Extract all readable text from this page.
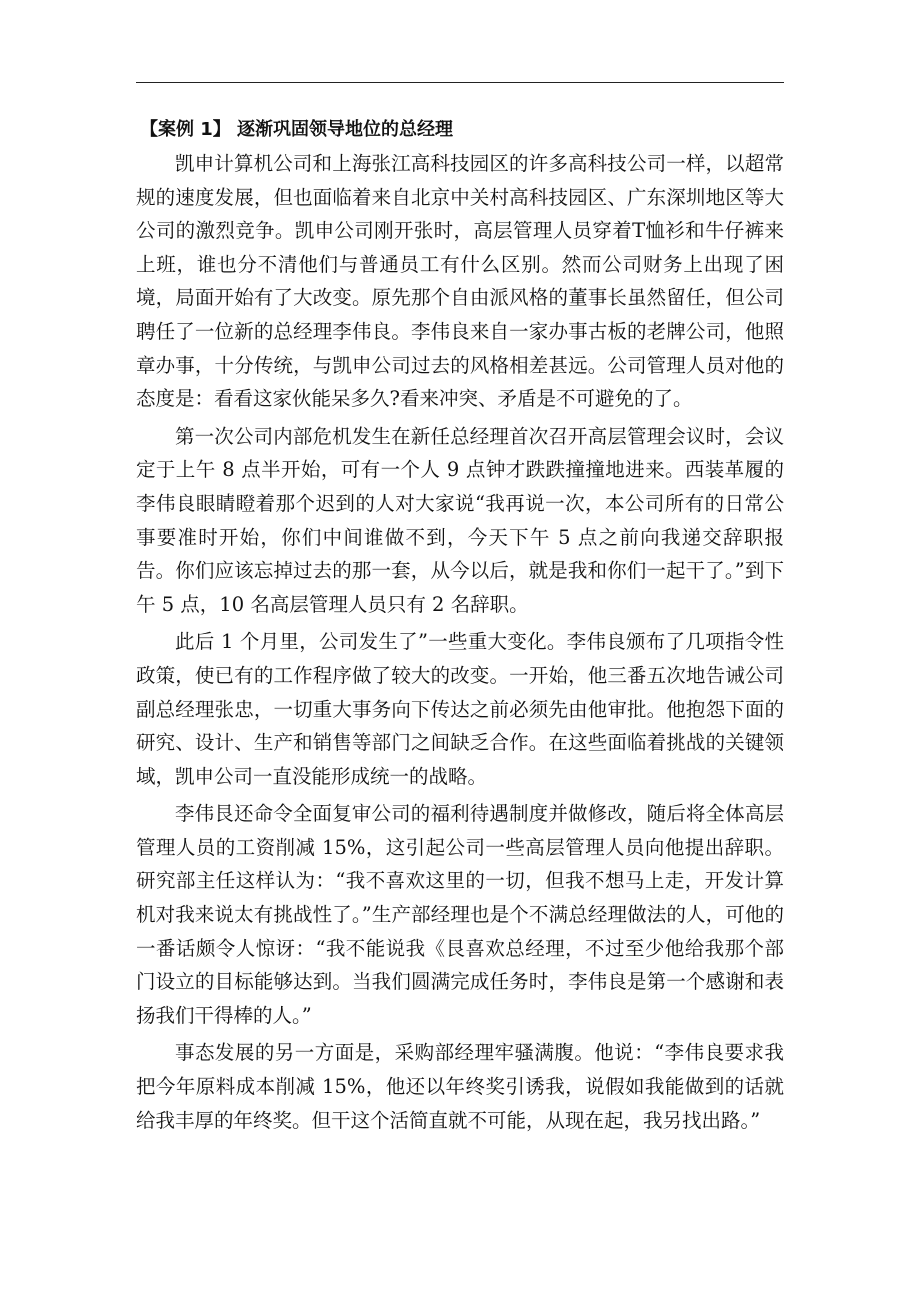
【案例 1】 逐渐巩固领导地位的总经理

凯申计算机公司和上海张江高科技园区的许多高科技公司一样，以超常规的速度发展，但也面临着来自北京中关村高科技园区、广东深圳地区等大公司的激烈竞争。凯申公司刚开张时，高层管理人员穿着T恤衫和牛仔裤来上班，谁也分不清他们与普通员工有什么区别。然而公司财务上出现了困境，局面开始有了大改变。原先那个自由派风格的董事长虽然留任，但公司聘任了一位新的总经理李伟良。李伟良来自一家办事古板的老牌公司，他照章办事，十分传统，与凯申公司过去的风格相差甚远。公司管理人员对他的态度是：看看这家伙能呆多久?看来冲突、矛盾是不可避免的了。

第一次公司内部危机发生在新任总经理首次召开高层管理会议时，会议定于上午 8 点半开始，可有一个人 9 点钟才跌跌撞撞地进来。西装革履的李伟良眼睛瞪着那个迟到的人对大家说“我再说一次，本公司所有的日常公事要准时开始，你们中间谁做不到，今天下午 5 点之前向我递交辞职报告。你们应该忘掉过去的那一套，从今以后，就是我和你们一起干了。”到下午 5 点，10 名高层管理人员只有 2 名辞职。

此后 1 个月里，公司发生了”一些重大变化。李伟良颁布了几项指令性政策，使已有的工作程序做了较大的改变。一开始，他三番五次地告诫公司副总经理张忠，一切重大事务向下传达之前必须先由他审批。他抱怨下面的研究、设计、生产和销售等部门之间缺乏合作。在这些面临着挑战的关键领域，凯申公司一直没能形成统一的战略。

李伟艮还命令全面复审公司的福利待遇制度并做修改，随后将全体高层管理人员的工资削减 15%，这引起公司一些高层管理人员向他提出辞职。研究部主任这样认为：“我不喜欢这里的一切，但我不想马上走，开发计算机对我来说太有挑战性了。”生产部经理也是个不满总经理做法的人，可他的一番话颇令人惊讶：“我不能说我《艮喜欢总经理，不过至少他给我那个部门设立的目标能够达到。当我们圆满完成任务时，李伟良是第一个感谢和表扬我们干得棒的人。”

事态发展的另一方面是，采购部经理牢骚满腹。他说：“李伟良要求我把今年原料成本削减 15%，他还以年终奖引诱我，说假如我能做到的话就给我丰厚的年终奖。但干这个活简直就不可能，从现在起，我另找出路。”
